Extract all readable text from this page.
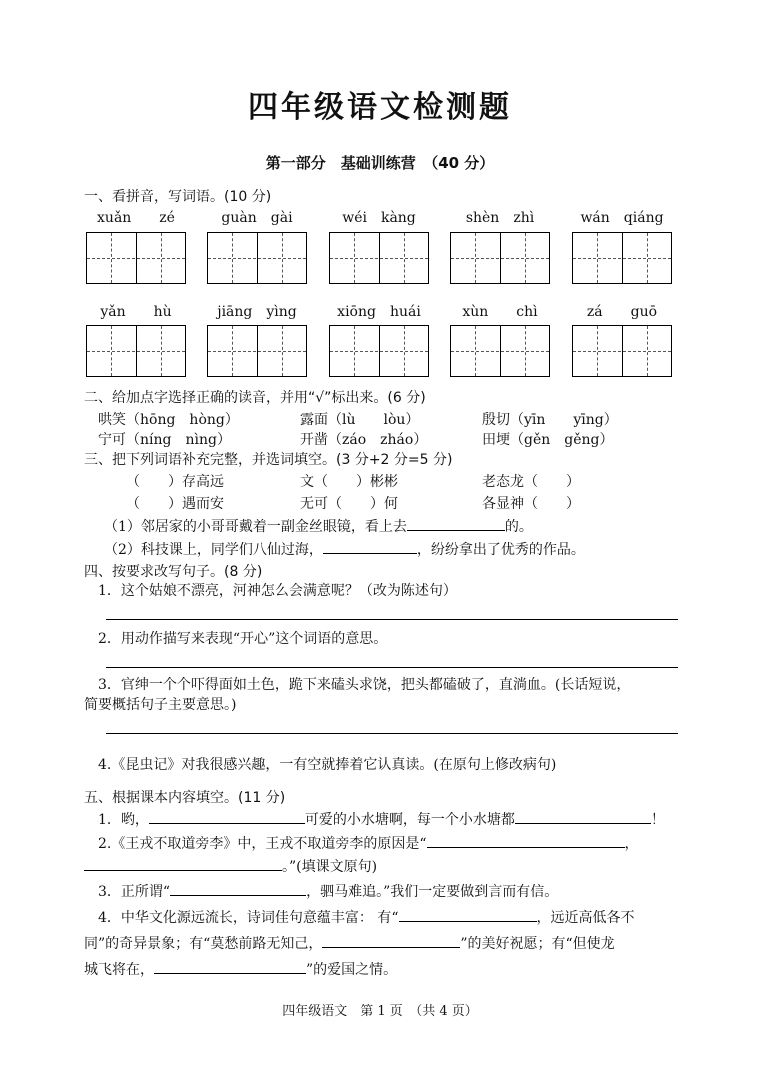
四年级语文检测题
第一部分　基础训练营　（40 分）
一、看拼音，写词语。(10 分)
xuǎn　　zé	guàn　gài	wéi　kàng	shèn　zhì	wán　qiáng
yǎn　　hù	jiāng　yìng	xiōng　huái	xùn　　chì	zá　　guō
二、给加点字选择正确的读音，并用“√”标出来。(6 分)
哄笑（hōng　hòng）	露面（lù　　lòu）	殷切（yīn　　yīng）
宁可（níng　nìng）	开凿（záo　zháo）	田埂（gěn　gěng）
三、把下列词语补充完整，并选词填空。(3 分+2 分=5 分)
（　　）存高远	文（　　）彬彬	老态龙（　　）
（　　）遇而安	无可（　　）何	各显神（　　）
（1）邻居家的小哥哥戴着一副金丝眼镜，看上去	的。
（2）科技课上，同学们八仙过海，	，纷纷拿出了优秀的作品。
四、按要求改写句子。(8 分)
1．这个姑娘不漂亮，河神怎么会满意呢？（改为陈述句）
2．用动作描写来表现“开心”这个词语的意思。
3．官绅一个个吓得面如土色，跪下来磕头求饶，把头都磕破了，直淌血。(长话短说，
简要概括句子主要意思。)
4.《昆虫记》对我很感兴趣，一有空就捧着它认真读。(在原句上修改病句)
五、根据课本内容填空。(11 分)
1．哟，	可爱的小水塘啊，每一个小水塘都	！
2.《王戎不取道旁李》中，王戎不取道旁李的原因是“	，
。”(填课文原句)
3．正所谓“	，驷马难追。”我们一定要做到言而有信。
4．中华文化源远流长，诗词佳句意蕴丰富： 有“	，远近高低各不
同”的奇异景象；有“莫愁前路无知己，	”的美好祝愿；有“但使龙
城飞将在，	”的爱国之情。
四年级语文　第 1 页　（共 4 页）
